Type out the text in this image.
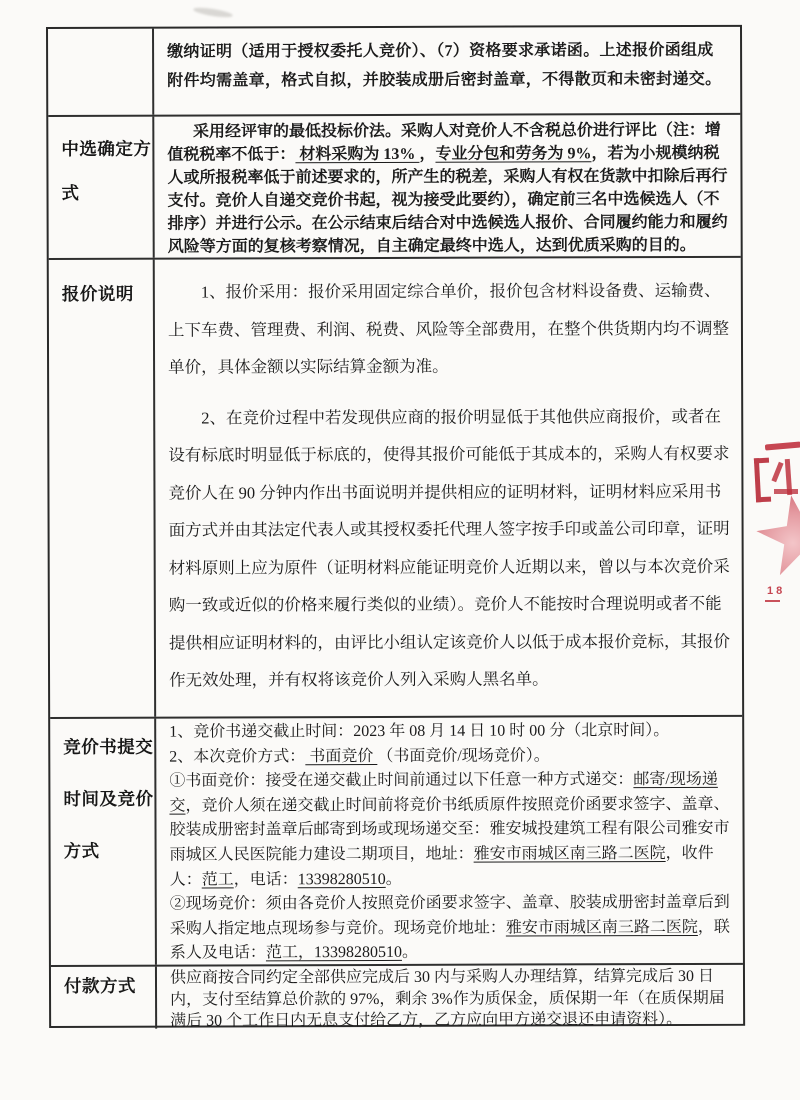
缴纳证明（适用于授权委托人竞价）、（7）资格要求承诺函。上述报价函组成附件均需盖章，格式自拟，并胶装成册后密封盖章，不得散页和未密封递交。

中选确定方式

采用经评审的最低投标价法。采购人对竞价人不含税总价进行评比（注：增值税税率不低于： 材料采购为 13% ，专业分包和劳务为 9%，若为小规模纳税人或所报税率低于前述要求的，所产生的税差，采购人有权在货款中扣除后再行支付。竞价人自递交竞价书起，视为接受此要约），确定前三名中选候选人（不排序）并进行公示。在公示结束后结合对中选候选人报价、合同履约能力和履约风险等方面的复核考察情况，自主确定最终中选人，达到优质采购的目的。

报价说明	1、报价采用：报价采用固定综合单价，报价包含材料设备费、运输费、上下车费、管理费、利润、税费、风险等全部费用，在整个供货期内均不调整单价，具体金额以实际结算金额为准。

2、在竞价过程中若发现供应商的报价明显低于其他供应商报价，或者在设有标底时明显低于标底的，使得其报价可能低于其成本的，采购人有权要求竞价人在 90 分钟内作出书面说明并提供相应的证明材料，证明材料应采用书面方式并由其法定代表人或其授权委托代理人签字按手印或盖公司印章，证明材料原则上应为原件（证明材料应能证明竞价人近期以来，曾以与本次竞价采购一致或近似的价格来履行类似的业绩）。竞价人不能按时合理说明或者不能提供相应证明材料的，由评比小组认定该竞价人以低于成本报价竞标，其报价作无效处理，并有权将该竞价人列入采购人黑名单。

竞价书提交时间及竞价方式

1、竞价书递交截止时间：2023 年 08 月 14 日 10 时 00 分（北京时间）。

2、本次竞价方式： 书面竞价 （书面竞价/现场竞价）。

①书面竞价：接受在递交截止时间前通过以下任意一种方式递交：邮寄/现场递交，竞价人须在递交截止时间前将竞价书纸质原件按照竞价函要求签字、盖章、胶装成册密封盖章后邮寄到场或现场递交至：雅安城投建筑工程有限公司雅安市雨城区人民医院能力建设二期项目，地址：雅安市雨城区南三路二医院，收件人：范工，电话：13398280510。

②现场竞价：须由各竞价人按照竞价函要求签字、盖章、胶装成册密封盖章后到采购人指定地点现场参与竞价。现场竞价地址：雅安市雨城区南三路二医院，联系人及电话：范工，13398280510。

付款方式	供应商按合同约定全部供应完成后 30 内与采购人办理结算，结算完成后 30 日内，支付至结算总价款的 97%，剩余 3%作为质保金，质保期一年（在质保期届满后 30 个工作日内无息支付给乙方，乙方应向甲方递交退还申请资料）。

18
